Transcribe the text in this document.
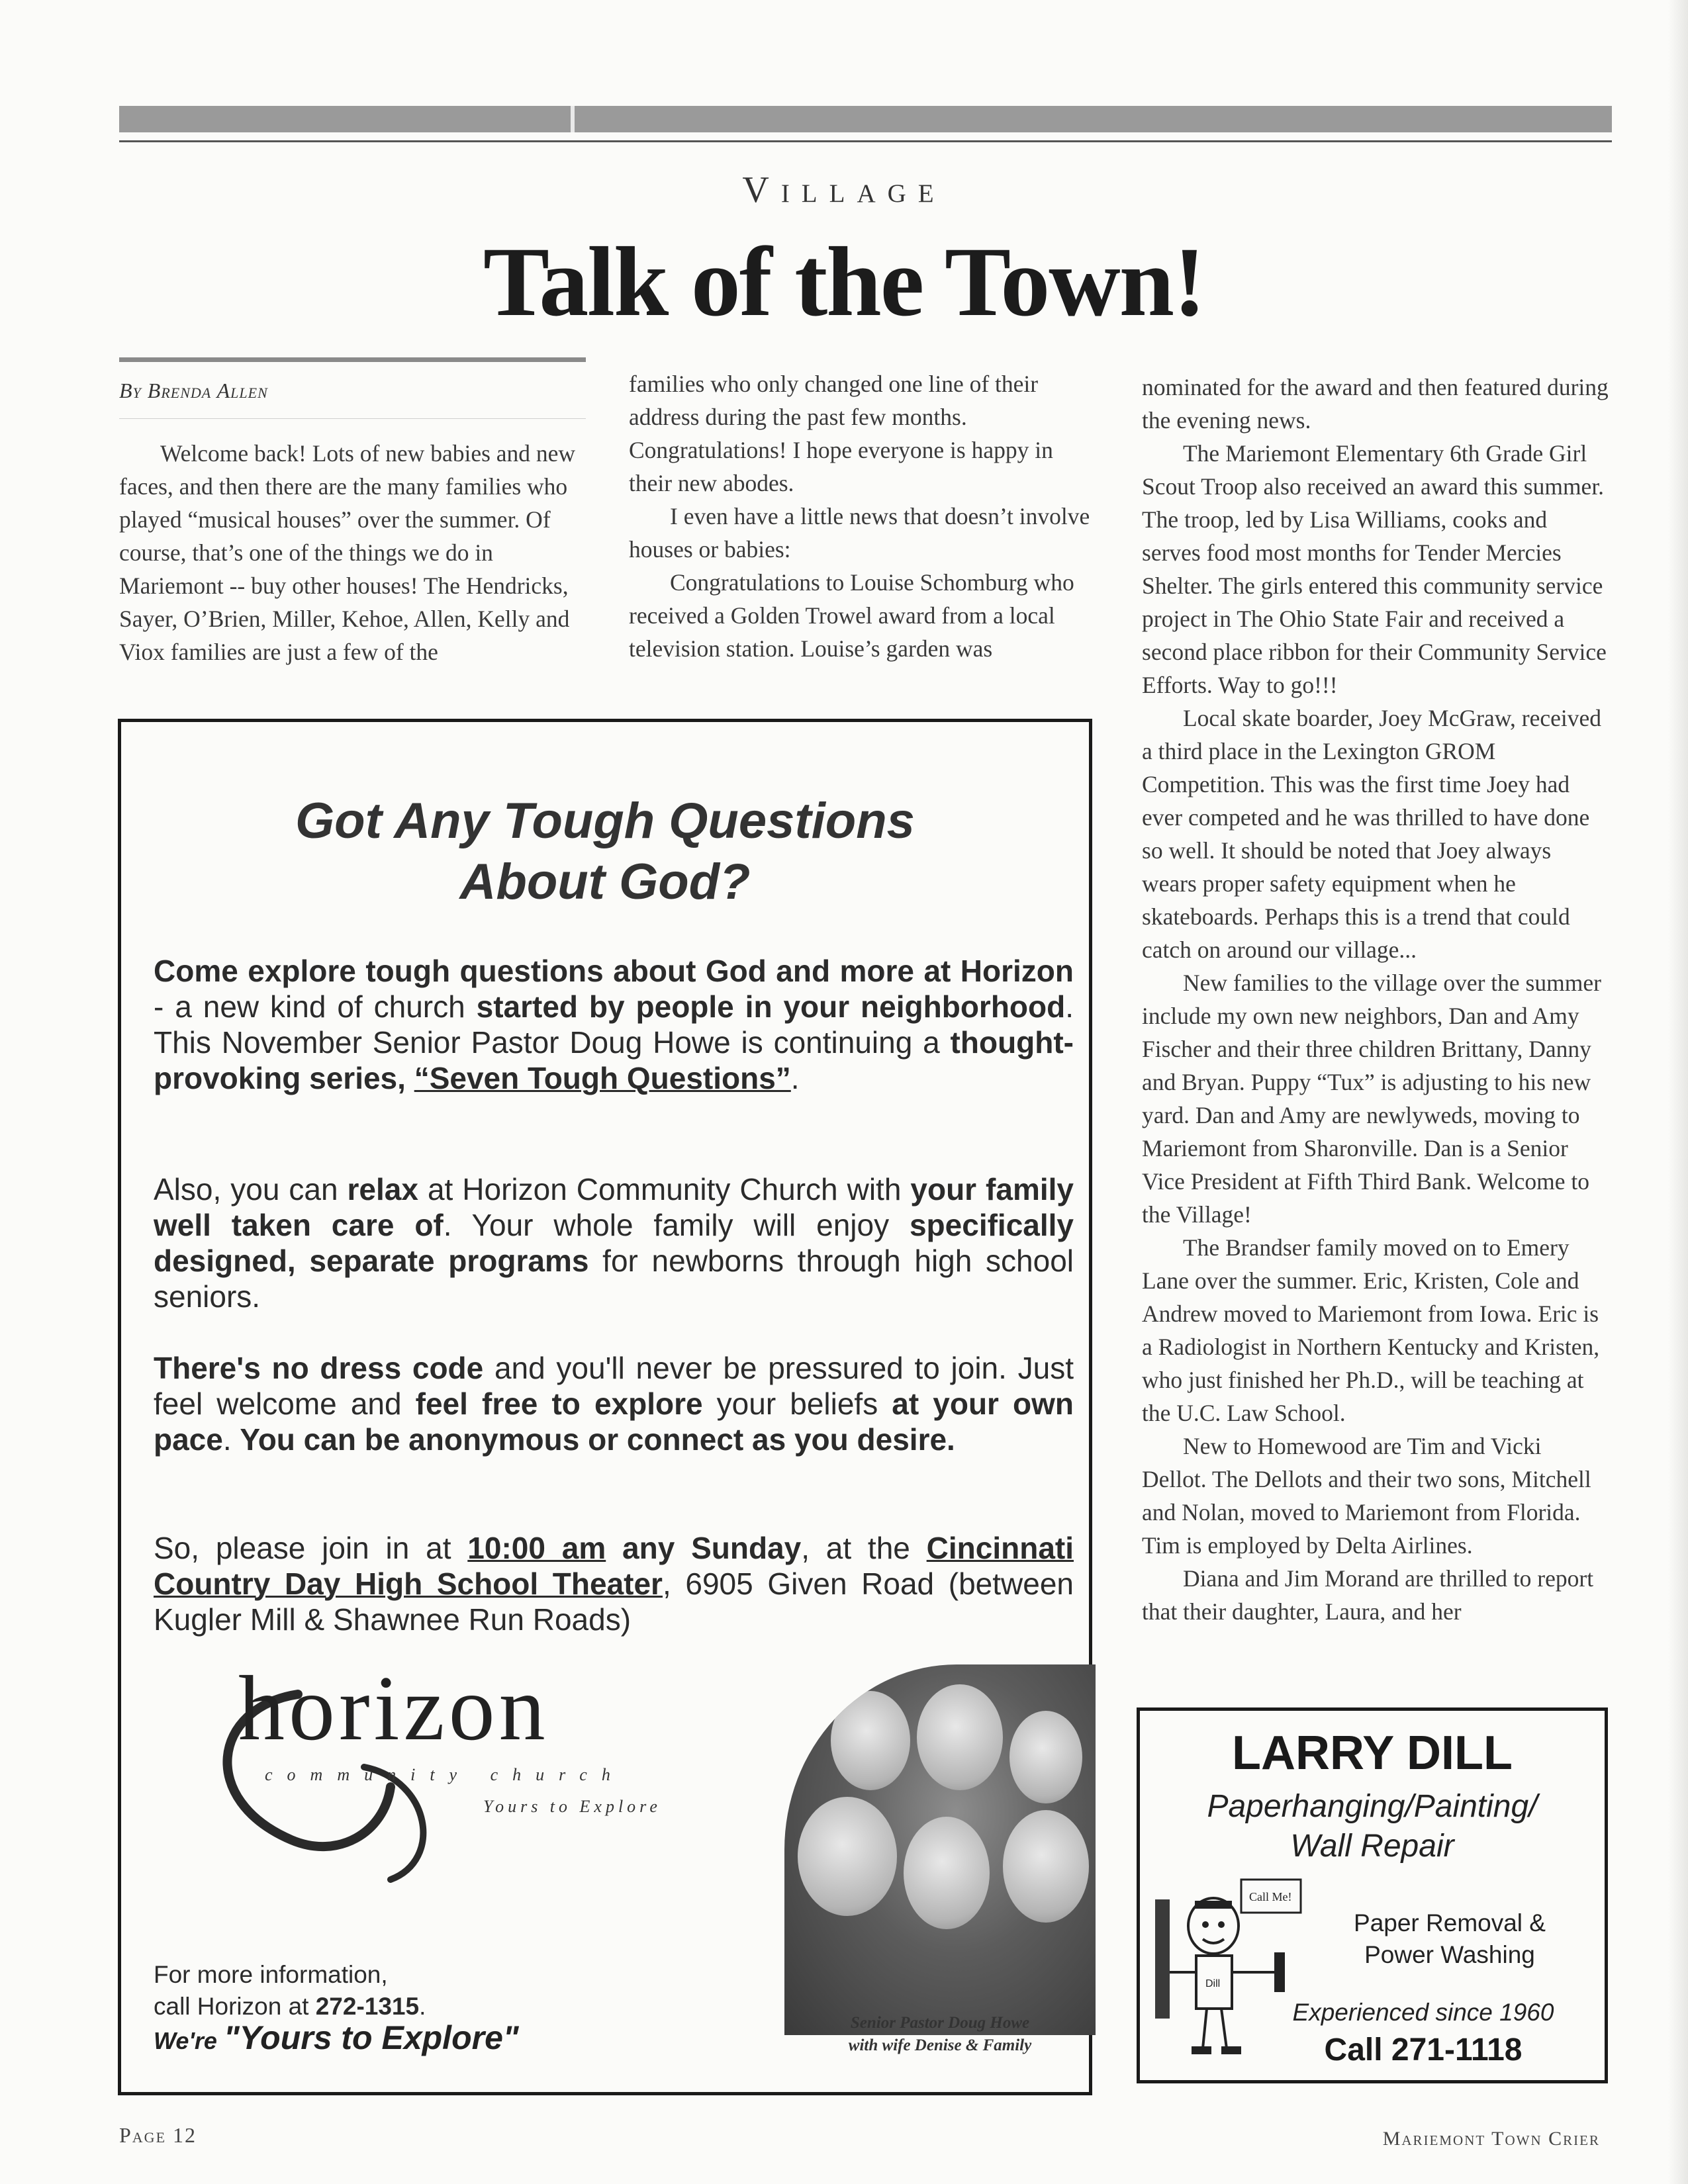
Village
Talk of the Town!
By Brenda Allen

Welcome back! Lots of new babies and new faces, and then there are the many families who played “musical houses” over the summer. Of course, that’s one of the things we do in Mariemont -- buy other houses! The Hendricks, Sayer, O’Brien, Miller, Kehoe, Allen, Kelly and Viox families are just a few of the

families who only changed one line of their address during the past few months. Congratulations! I hope everyone is happy in their new abodes.

I even have a little news that doesn’t involve houses or babies:

Congratulations to Louise Schomburg who received a Golden Trowel award from a local television station. Louise’s garden was

nominated for the award and then featured during the evening news.

The Mariemont Elementary 6th Grade Girl Scout Troop also received an award this summer. The troop, led by Lisa Williams, cooks and serves food most months for Tender Mercies Shelter. The girls entered this community service project in The Ohio State Fair and received a second place ribbon for their Community Service Efforts. Way to go!!!

Local skate boarder, Joey McGraw, received a third place in the Lexington GROM Competition. This was the first time Joey had ever competed and he was thrilled to have done so well. It should be noted that Joey always wears proper safety equipment when he skateboards. Perhaps this is a trend that could catch on around our village...

New families to the village over the summer include my own new neighbors, Dan and Amy Fischer and their three children Brittany, Danny and Bryan. Puppy “Tux” is adjusting to his new yard. Dan and Amy are newlyweds, moving to Mariemont from Sharonville. Dan is a Senior Vice President at Fifth Third Bank. Welcome to the Village!

The Brandser family moved on to Emery Lane over the summer. Eric, Kristen, Cole and Andrew moved to Mariemont from Iowa. Eric is a Radiologist in Northern Kentucky and Kristen, who just finished her Ph.D., will be teaching at the U.C. Law School.

New to Homewood are Tim and Vicki Dellot. The Dellots and their two sons, Mitchell and Nolan, moved to Mariemont from Florida. Tim is employed by Delta Airlines.

Diana and Jim Morand are thrilled to report that their daughter, Laura, and her

Got Any Tough Questions
About God?
Come explore tough questions about God and more at Horizon - a new kind of church started by people in your neighborhood. This November Senior Pastor Doug Howe is continuing a thought-provoking series, “Seven Tough Questions”.
Also, you can relax at Horizon Community Church with your family well taken care of. Your whole family will enjoy specifically designed, separate programs for newborns through high school seniors.
There's no dress code and you'll never be pressured to join. Just feel welcome and feel free to explore your beliefs at your own pace. You can be anonymous or connect as you desire.
So, please join in at 10:00 am any Sunday, at the Cincinnati Country Day High School Theater, 6905 Given Road (between Kugler Mill & Shawnee Run Roads)
horizon
community church
Yours to Explore
Senior Pastor Doug Howe
with wife Denise & Family
For more information,
call Horizon at 272-1315.
We're "Yours to Explore"
LARRY DILL
Paperhanging/Painting/
Wall Repair
Dill
Call Me!
Paper Removal &
Power Washing
Experienced since 1960
Call 271-1118
Page 12	Mariemont Town Crier
